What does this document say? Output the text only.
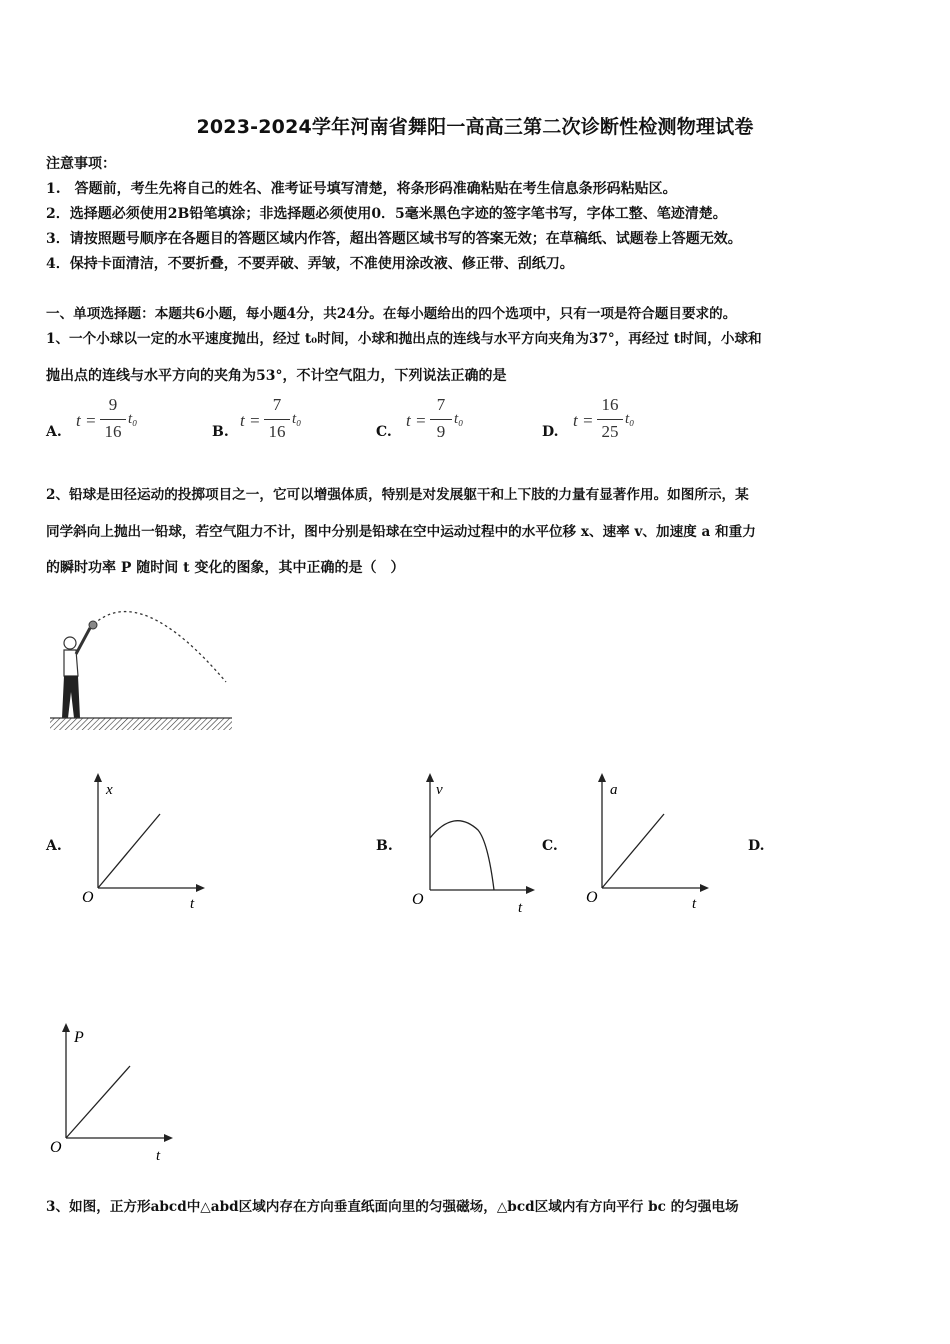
2023-2024学年河南省舞阳一高高三第二次诊断性检测物理试卷
注意事项：
1.　答题前，考生先将自己的姓名、准考证号填写清楚，将条形码准确粘贴在考生信息条形码粘贴区。
2．选择题必须使用2B铅笔填涂；非选择题必须使用0．5毫米黑色字迹的签字笔书写，字体工整、笔迹清楚。
3．请按照题号顺序在各题目的答题区域内作答，超出答题区域书写的答案无效；在草稿纸、试题卷上答题无效。
4．保持卡面清洁，不要折叠，不要弄破、弄皱，不准使用涂改液、修正带、刮纸刀。
一、单项选择题：本题共6小题，每小题4分，共24分。在每小题给出的四个选项中，只有一项是符合题目要求的。
1、一个小球以一定的水平速度抛出，经过 t₀时间，小球和抛出点的连线与水平方向夹角为37°，再经过 t时间，小球和
抛出点的连线与水平方向的夹角为53°，不计空气阻力，下列说法正确的是
A.
t =
9
16
t₀
B.
t =
7
16
t₀
C.
t =
7
9
t₀
D.
t =
16
25
t₀
2、铅球是田径运动的投掷项目之一，它可以增强体质，特别是对发展躯干和上下肢的力量有显著作用。如图所示，某
同学斜向上抛出一铅球，若空气阻力不计，图中分别是铅球在空中运动过程中的水平位移 x、速率 v、加速度 a 和重力
的瞬时功率 P 随时间 t 变化的图象，其中正确的是（　）
A.	B.	C.	D.
x
O	t
v
O	t
a
O	t
P
O	t
3、如图，正方形abcd中△abd区域内存在方向垂直纸面向里的匀强磁场，△bcd区域内有方向平行 bc 的匀强电场
